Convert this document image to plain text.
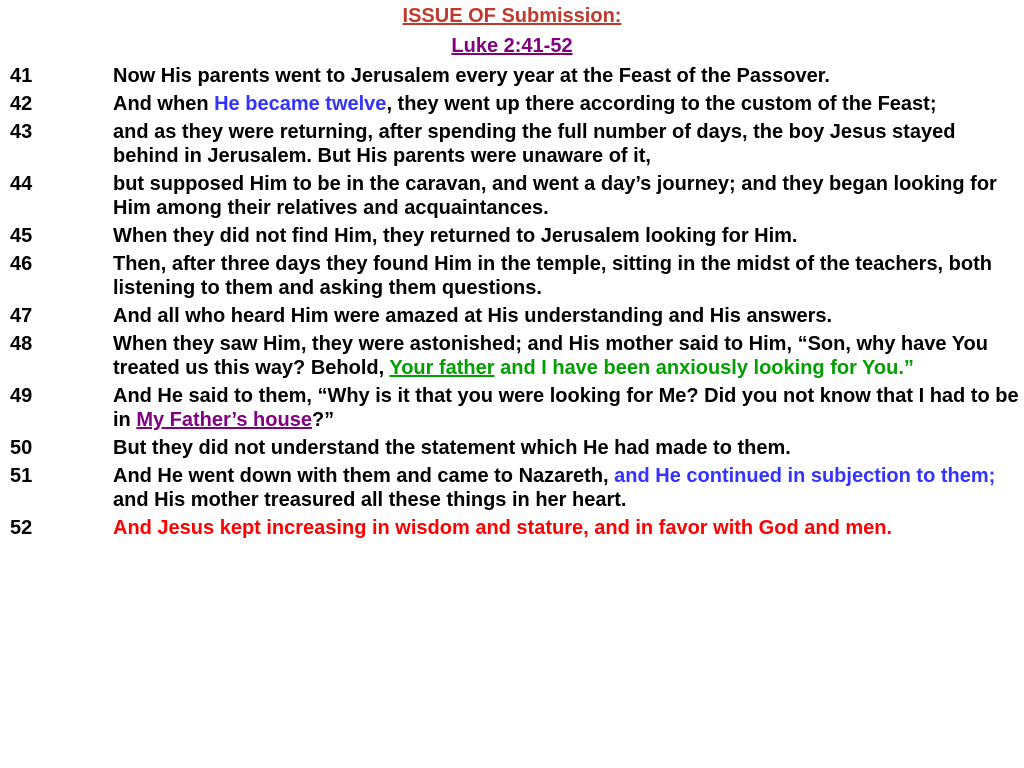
ISSUE OF Submission:
Luke 2:41-52
41	Now His parents went to Jerusalem every year at the Feast of the Passover.
42	And when He became twelve, they went up there according to the custom of the Feast;
43	and as they were returning, after spending the full number of days, the boy Jesus stayed behind in Jerusalem. But His parents were unaware of it,
44	but supposed Him to be in the caravan, and went a day’s journey; and they began looking for Him among their relatives and acquaintances.
45	When they did not find Him, they returned to Jerusalem looking for Him.
46	Then, after three days they found Him in the temple, sitting in the midst of the teachers, both listening to them and asking them questions.
47	And all who heard Him were amazed at His understanding and His answers.
48	When they saw Him, they were astonished; and His mother said to Him, “Son, why have You treated us this way? Behold, Your father and I have been anxiously looking for You.”
49	And He said to them, “Why is it that you were looking for Me? Did you not know that I had to be in My Father’s house?”
50	But they did not understand the statement which He had made to them.
51	And He went down with them and came to Nazareth, and He continued in subjection to them; and His mother treasured all these things in her heart.
52	And Jesus kept increasing in wisdom and stature, and in favor with God and men.
